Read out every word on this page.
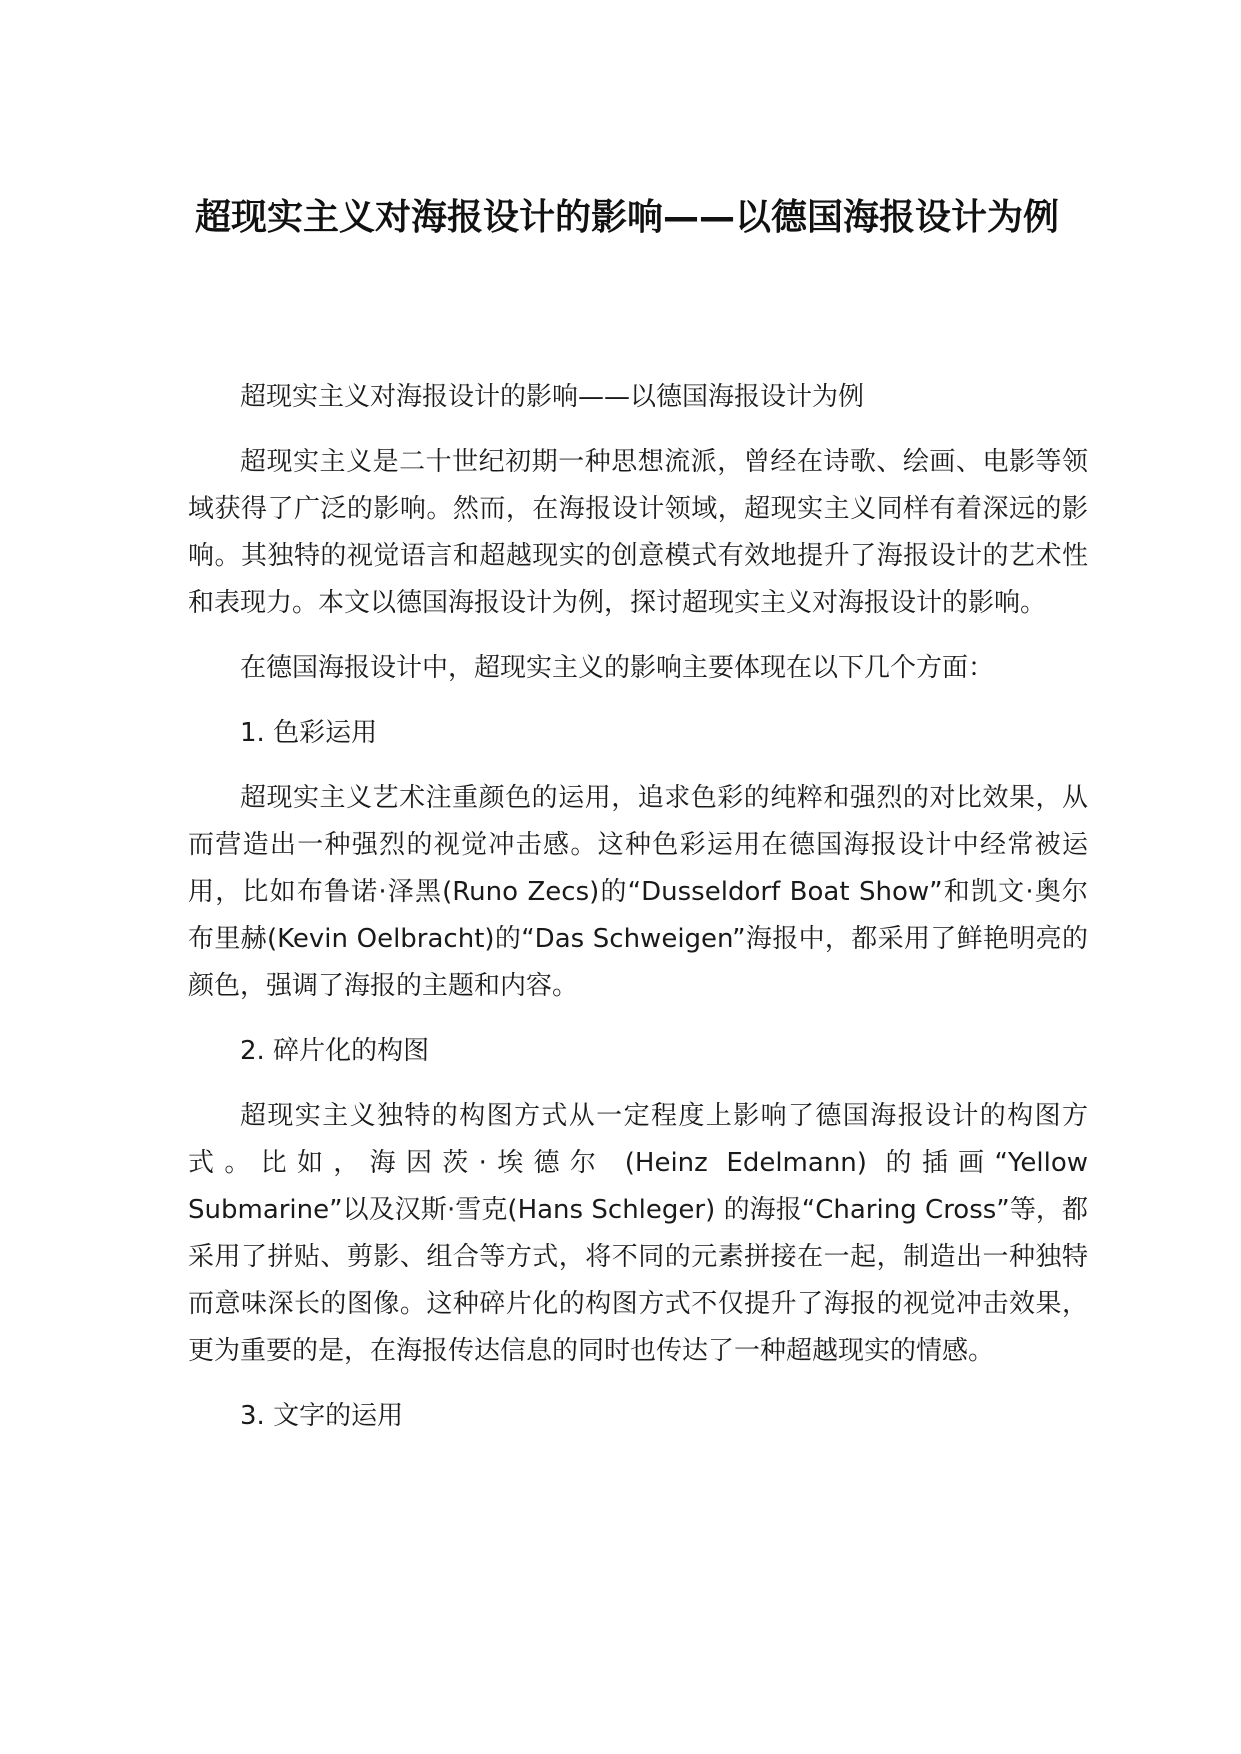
超现实主义对海报设计的影响——以德国海报设计为例

超现实主义对海报设计的影响——以德国海报设计为例

超现实主义是二十世纪初期一种思想流派，曾经在诗歌、绘画、电影等领域获得了广泛的影响。然而，在海报设计领域，超现实主义同样有着深远的影响。其独特的视觉语言和超越现实的创意模式有效地提升了海报设计的艺术性和表现力。本文以德国海报设计为例，探讨超现实主义对海报设计的影响。

在德国海报设计中，超现实主义的影响主要体现在以下几个方面：

1. 色彩运用

超现实主义艺术注重颜色的运用，追求色彩的纯粹和强烈的对比效果，从而营造出一种强烈的视觉冲击感。这种色彩运用在德国海报设计中经常被运用，比如布鲁诺·泽黑(Runo Zecs)的“Dusseldorf Boat Show”和凯文·奥尔布里赫(Kevin Oelbracht)的“Das Schweigen”海报中，都采用了鲜艳明亮的颜色，强调了海报的主题和内容。

2. 碎片化的构图

超现实主义独特的构图方式从一定程度上影响了德国海报设计的构图方式。比如，海因茨·埃德尔 (Heinz Edelmann) 的插画“Yellow Submarine”以及汉斯·雪克(Hans Schleger) 的海报“Charing Cross”等，都采用了拼贴、剪影、组合等方式，将不同的元素拼接在一起，制造出一种独特而意味深长的图像。这种碎片化的构图方式不仅提升了海报的视觉冲击效果，更为重要的是，在海报传达信息的同时也传达了一种超越现实的情感。

3. 文字的运用
